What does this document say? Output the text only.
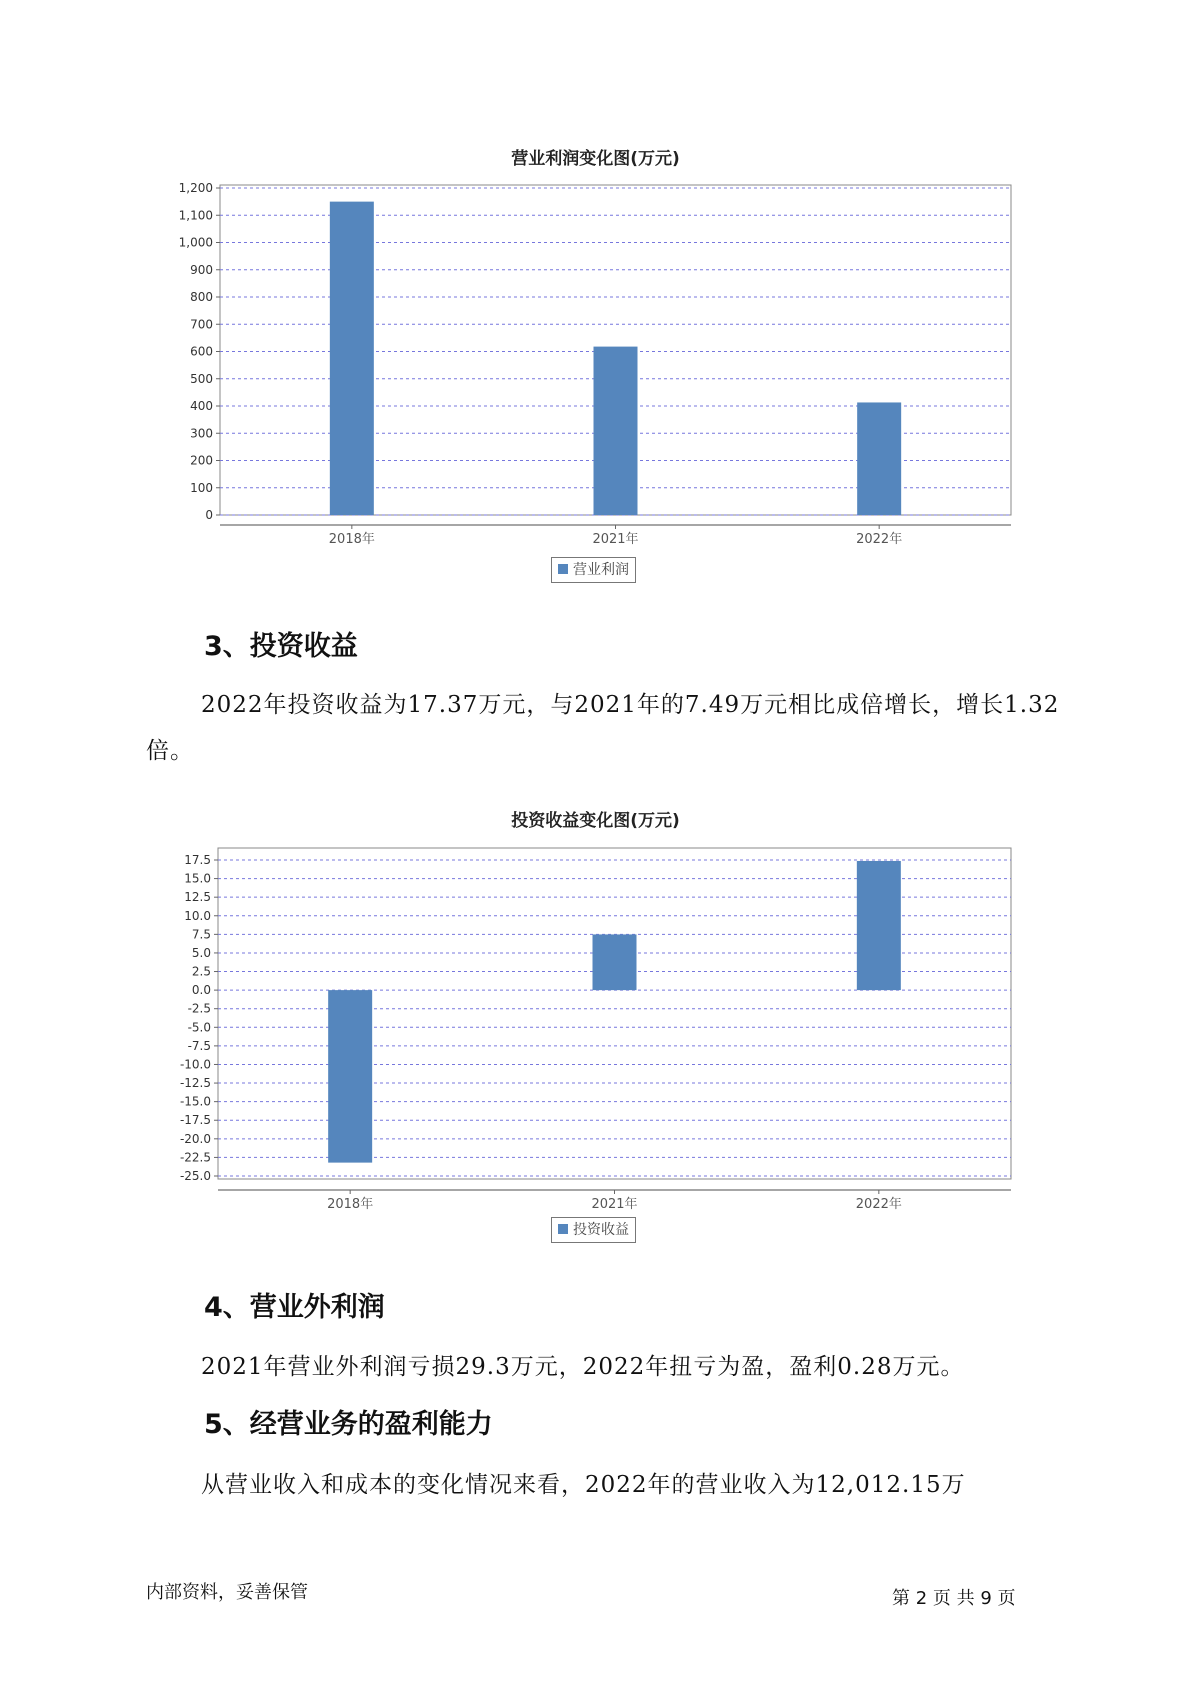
营业利润变化图(万元)
0
100
200
300
400
500
600
700
800
900
1,000
1,100
1,200
2018年	2021年	2022年
营业利润
3、投资收益
2022年投资收益为17.37万元，与2021年的7.49万元相比成倍增长，增长1.32倍。
投资收益变化图(万元)
-25.0
-22.5
-20.0
-17.5
-15.0
-12.5
-10.0
-7.5
-5.0
-2.5
0.0
2.5
5.0
7.5
10.0
12.5
15.0
17.5
2018年	2021年	2022年
投资收益
4、营业外利润
2021年营业外利润亏损29.3万元，2022年扭亏为盈，盈利0.28万元。
5、经营业务的盈利能力
从营业收入和成本的变化情况来看，2022年的营业收入为12,012.15万
内部资料，妥善保管	第 2 页 共 9 页
